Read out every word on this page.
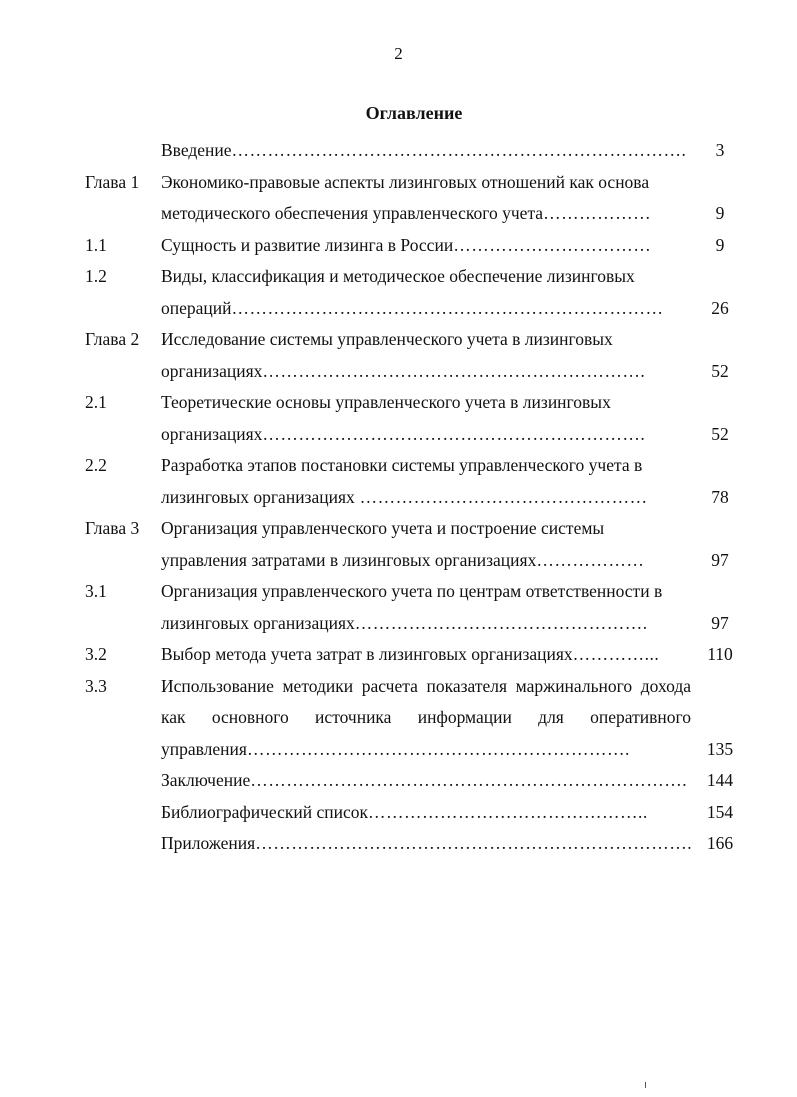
2
Оглавление
Введение………………………………………………………………….	3
Глава 1	Экономико-правовые аспекты лизинговых отношений как основа методического обеспечения управленческого учета………………	9
1.1	Сущность и развитие лизинга в России……………………………	9
1.2	Виды, классификация и методическое обеспечение лизинговых операций………………………………………………………………	26
Глава 2	Исследование системы управленческого учета в лизинговых организациях……………………………………………………….	52
2.1	Теоретические основы управленческого учета в лизинговых организациях……………………………………………………….	52
2.2	Разработка этапов постановки системы управленческого учета в лизинговых организациях …………………………………………	78
Глава 3	Организация управленческого учета и построение системы управления затратами в лизинговых организациях………………	97
3.1	Организация управленческого учета по центрам ответственности в лизинговых организациях………………………………………….	97
3.2	Выбор метода учета затрат в лизинговых организациях…………...	110
3.3	Использование методики расчета показателя маржинального дохода как основного источника информации для оперативного управления……………………………………………………….	135
Заключение……………………………………………………………….	144
Библиографический список………………………………………..	154
Приложения………………………………………………………………. 166
